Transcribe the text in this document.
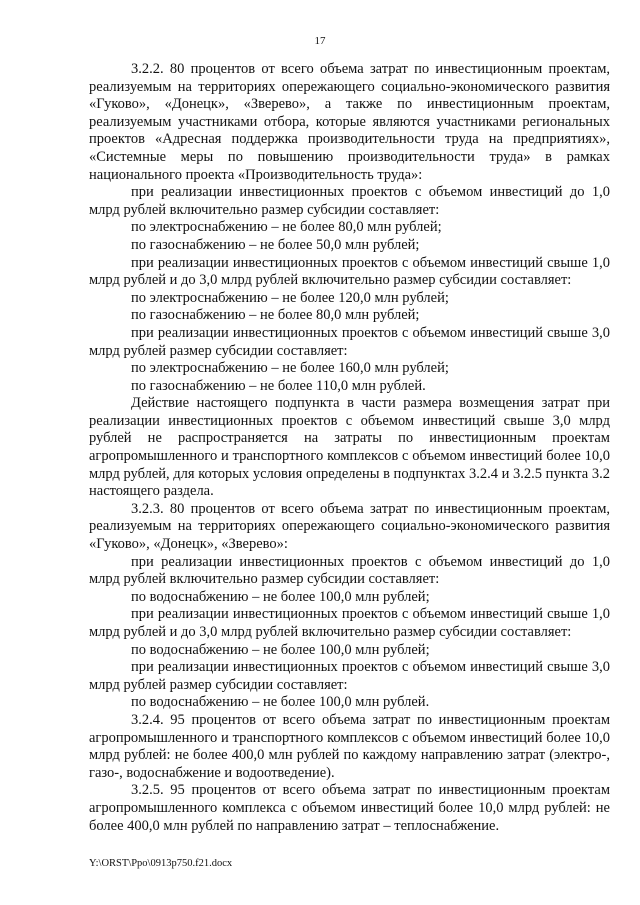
17

3.2.2. 80 процентов от всего объема затрат по инвестиционным проектам, реализуемым на территориях опережающего социально-экономического развития «Гуково», «Донецк», «Зверево», а также по инвестиционным проектам, реализуемым участниками отбора, которые являются участниками региональных проектов «Адресная поддержка производительности труда на предприятиях», «Системные меры по повышению производительности труда» в рамках национального проекта «Производительность труда»:

при реализации инвестиционных проектов с объемом инвестиций до 1,0 млрд рублей включительно размер субсидии составляет:

по электроснабжению – не более 80,0 млн рублей;

по газоснабжению – не более 50,0 млн рублей;

при реализации инвестиционных проектов с объемом инвестиций свыше 1,0 млрд рублей и до 3,0 млрд рублей включительно размер субсидии составляет:

по электроснабжению – не более 120,0 млн рублей;

по газоснабжению – не более 80,0 млн рублей;

при реализации инвестиционных проектов с объемом инвестиций свыше 3,0 млрд рублей размер субсидии составляет:

по электроснабжению – не более 160,0 млн рублей;

по газоснабжению – не более 110,0 млн рублей.

Действие настоящего подпункта в части размера возмещения затрат при реализации инвестиционных проектов с объемом инвестиций свыше 3,0 млрд рублей не распространяется на затраты по инвестиционным проектам агропромышленного и транспортного комплексов с объемом инвестиций более 10,0 млрд рублей, для которых условия определены в подпунктах 3.2.4 и 3.2.5 пункта 3.2 настоящего раздела.

3.2.3. 80 процентов от всего объема затрат по инвестиционным проектам, реализуемым на территориях опережающего социально-экономического развития «Гуково», «Донецк», «Зверево»:

при реализации инвестиционных проектов с объемом инвестиций до 1,0 млрд рублей включительно размер субсидии составляет:

по водоснабжению – не более 100,0 млн рублей;

при реализации инвестиционных проектов с объемом инвестиций свыше 1,0 млрд рублей и до 3,0 млрд рублей включительно размер субсидии составляет:

по водоснабжению – не более 100,0 млн рублей;

при реализации инвестиционных проектов с объемом инвестиций свыше 3,0 млрд рублей размер субсидии составляет:

по водоснабжению – не более 100,0 млн рублей.

3.2.4. 95 процентов от всего объема затрат по инвестиционным проектам агропромышленного и транспортного комплексов с объемом инвестиций более 10,0 млрд рублей: не более 400,0 млн рублей по каждому направлению затрат (электро-, газо-, водоснабжение и водоотведение).

3.2.5. 95 процентов от всего объема затрат по инвестиционным проектам агропромышленного комплекса с объемом инвестиций более 10,0 млрд рублей: не более 400,0 млн рублей по направлению затрат – теплоснабжение.

Y:\ORST\Ppo\0913p750.f21.docx
